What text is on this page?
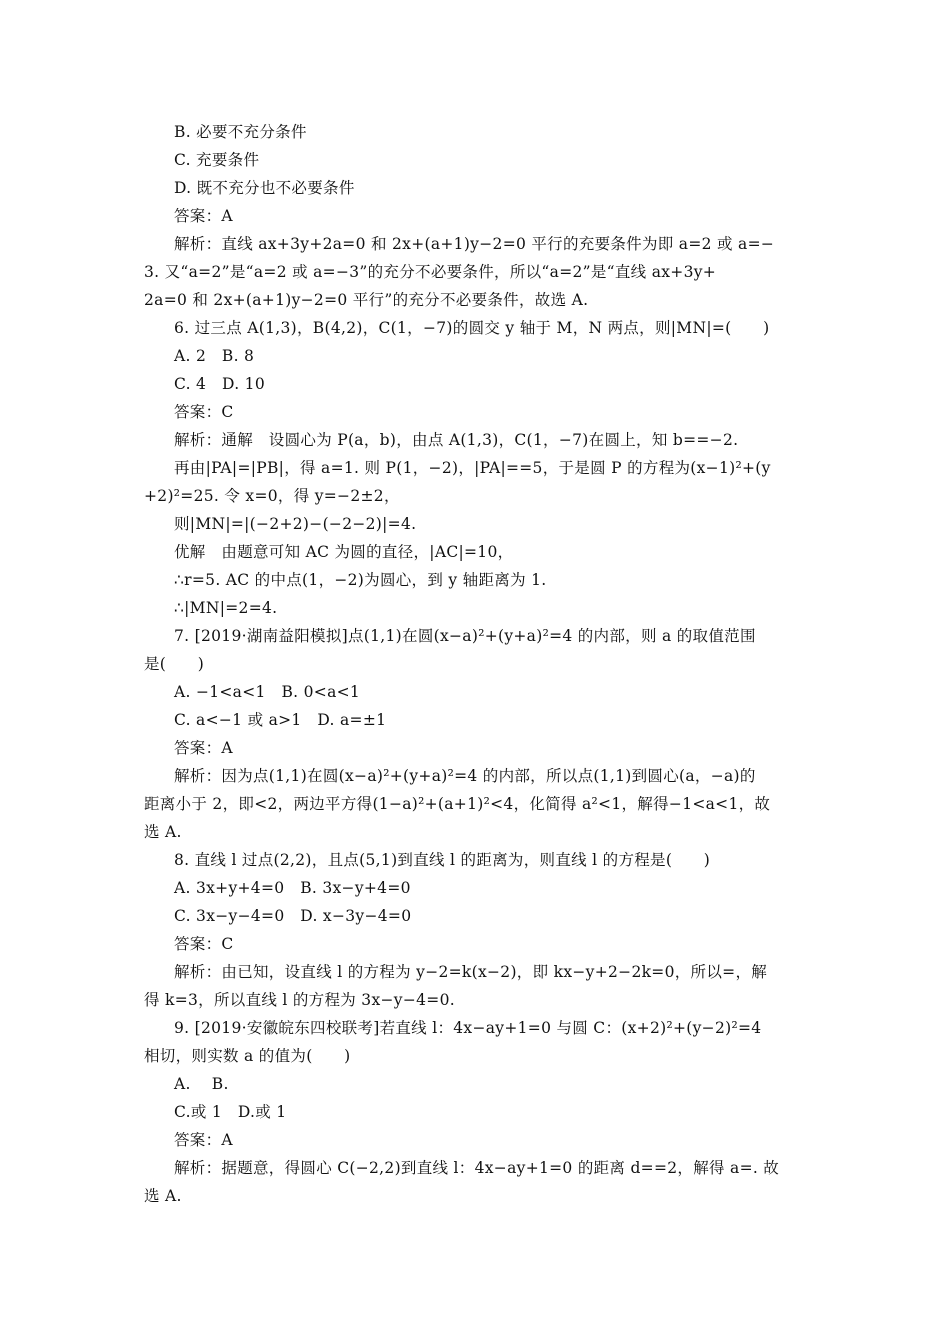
B. 必要不充分条件
C. 充要条件
D. 既不充分也不必要条件
答案：A
解析：直线 ax+3y+2a=0 和 2x+(a+1)y−2=0 平行的充要条件为即 a=2 或 a=−
3. 又“a=2”是“a=2 或 a=−3”的充分不必要条件，所以“a=2”是“直线 ax+3y+
2a=0 和 2x+(a+1)y−2=0 平行”的充分不必要条件，故选 A.
6. 过三点 A(1,3)，B(4,2)，C(1，−7)的圆交 y 轴于 M，N 两点，则|MN|=(　　)
A. 2　B. 8
C. 4　D. 10
答案：C
解析：通解　设圆心为 P(a，b)，由点 A(1,3)，C(1，−7)在圆上，知 b==−2.
再由|PA|=|PB|，得 a=1. 则 P(1，−2)，|PA|==5，于是圆 P 的方程为(x−1)²+(y
+2)²=25. 令 x=0，得 y=−2±2，
则|MN|=|(−2+2)−(−2−2)|=4.
优解　由题意可知 AC 为圆的直径，|AC|=10，
∴r=5. AC 的中点(1，−2)为圆心，到 y 轴距离为 1.
∴|MN|=2=4.
7. [2019·湖南益阳模拟]点(1,1)在圆(x−a)²+(y+a)²=4 的内部，则 a 的取值范围
是(　　)
A. −1<a<1　B. 0<a<1
C. a<−1 或 a>1　D. a=±1
答案：A
解析：因为点(1,1)在圆(x−a)²+(y+a)²=4 的内部，所以点(1,1)到圆心(a，−a)的
距离小于 2，即<2，两边平方得(1−a)²+(a+1)²<4，化简得 a²<1，解得−1<a<1，故
选 A.
8. 直线 l 过点(2,2)，且点(5,1)到直线 l 的距离为，则直线 l 的方程是(　　)
A. 3x+y+4=0　B. 3x−y+4=0
C. 3x−y−4=0　D. x−3y−4=0
答案：C
解析：由已知，设直线 l 的方程为 y−2=k(x−2)，即 kx−y+2−2k=0，所以=，解
得 k=3，所以直线 l 的方程为 3x−y−4=0.
9. [2019·安徽皖东四校联考]若直线 l：4x−ay+1=0 与圆 C：(x+2)²+(y−2)²=4
相切，则实数 a 的值为(　　)
A. 　B.
C.或 1　D.或 1
答案：A
解析：据题意，得圆心 C(−2,2)到直线 l：4x−ay+1=0 的距离 d==2，解得 a=. 故
选 A.
